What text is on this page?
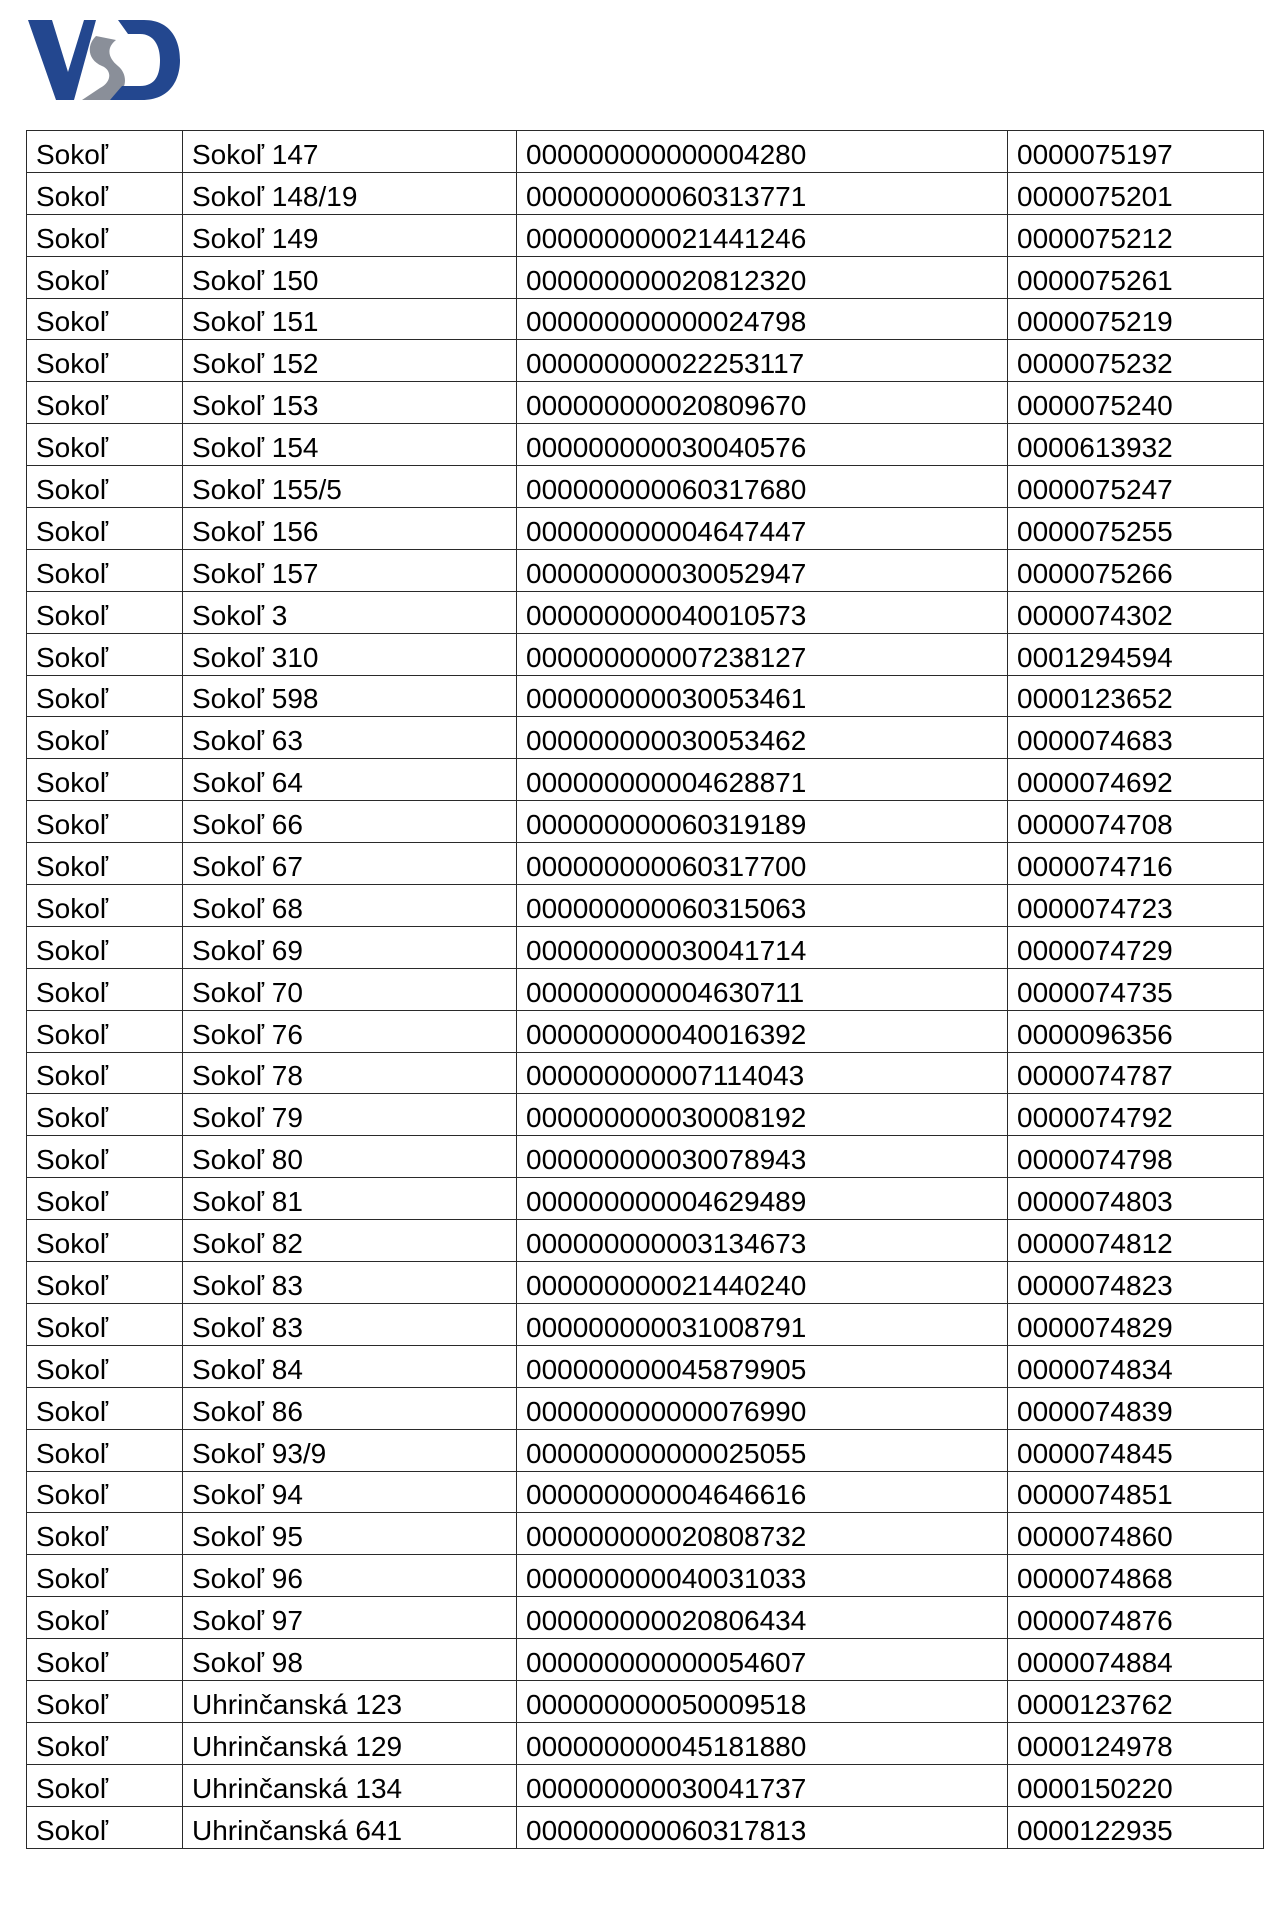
Sokoľ	Sokoľ 147	000000000000004280	0000075197
Sokoľ	Sokoľ 148/19	000000000060313771	0000075201
Sokoľ	Sokoľ 149	000000000021441246	0000075212
Sokoľ	Sokoľ 150	000000000020812320	0000075261
Sokoľ	Sokoľ 151	000000000000024798	0000075219
Sokoľ	Sokoľ 152	000000000022253117	0000075232
Sokoľ	Sokoľ 153	000000000020809670	0000075240
Sokoľ	Sokoľ 154	000000000030040576	0000613932
Sokoľ	Sokoľ 155/5	000000000060317680	0000075247
Sokoľ	Sokoľ 156	000000000004647447	0000075255
Sokoľ	Sokoľ 157	000000000030052947	0000075266
Sokoľ	Sokoľ 3	000000000040010573	0000074302
Sokoľ	Sokoľ 310	000000000007238127	0001294594
Sokoľ	Sokoľ 598	000000000030053461	0000123652
Sokoľ	Sokoľ 63	000000000030053462	0000074683
Sokoľ	Sokoľ 64	000000000004628871	0000074692
Sokoľ	Sokoľ 66	000000000060319189	0000074708
Sokoľ	Sokoľ 67	000000000060317700	0000074716
Sokoľ	Sokoľ 68	000000000060315063	0000074723
Sokoľ	Sokoľ 69	000000000030041714	0000074729
Sokoľ	Sokoľ 70	000000000004630711	0000074735
Sokoľ	Sokoľ 76	000000000040016392	0000096356
Sokoľ	Sokoľ 78	000000000007114043	0000074787
Sokoľ	Sokoľ 79	000000000030008192	0000074792
Sokoľ	Sokoľ 80	000000000030078943	0000074798
Sokoľ	Sokoľ 81	000000000004629489	0000074803
Sokoľ	Sokoľ 82	000000000003134673	0000074812
Sokoľ	Sokoľ 83	000000000021440240	0000074823
Sokoľ	Sokoľ 83	000000000031008791	0000074829
Sokoľ	Sokoľ 84	000000000045879905	0000074834
Sokoľ	Sokoľ 86	000000000000076990	0000074839
Sokoľ	Sokoľ 93/9	000000000000025055	0000074845
Sokoľ	Sokoľ 94	000000000004646616	0000074851
Sokoľ	Sokoľ 95	000000000020808732	0000074860
Sokoľ	Sokoľ 96	000000000040031033	0000074868
Sokoľ	Sokoľ 97	000000000020806434	0000074876
Sokoľ	Sokoľ 98	000000000000054607	0000074884
Sokoľ	Uhrinčanská 123	000000000050009518	0000123762
Sokoľ	Uhrinčanská 129	000000000045181880	0000124978
Sokoľ	Uhrinčanská 134	000000000030041737	0000150220
Sokoľ	Uhrinčanská 641	000000000060317813	0000122935
